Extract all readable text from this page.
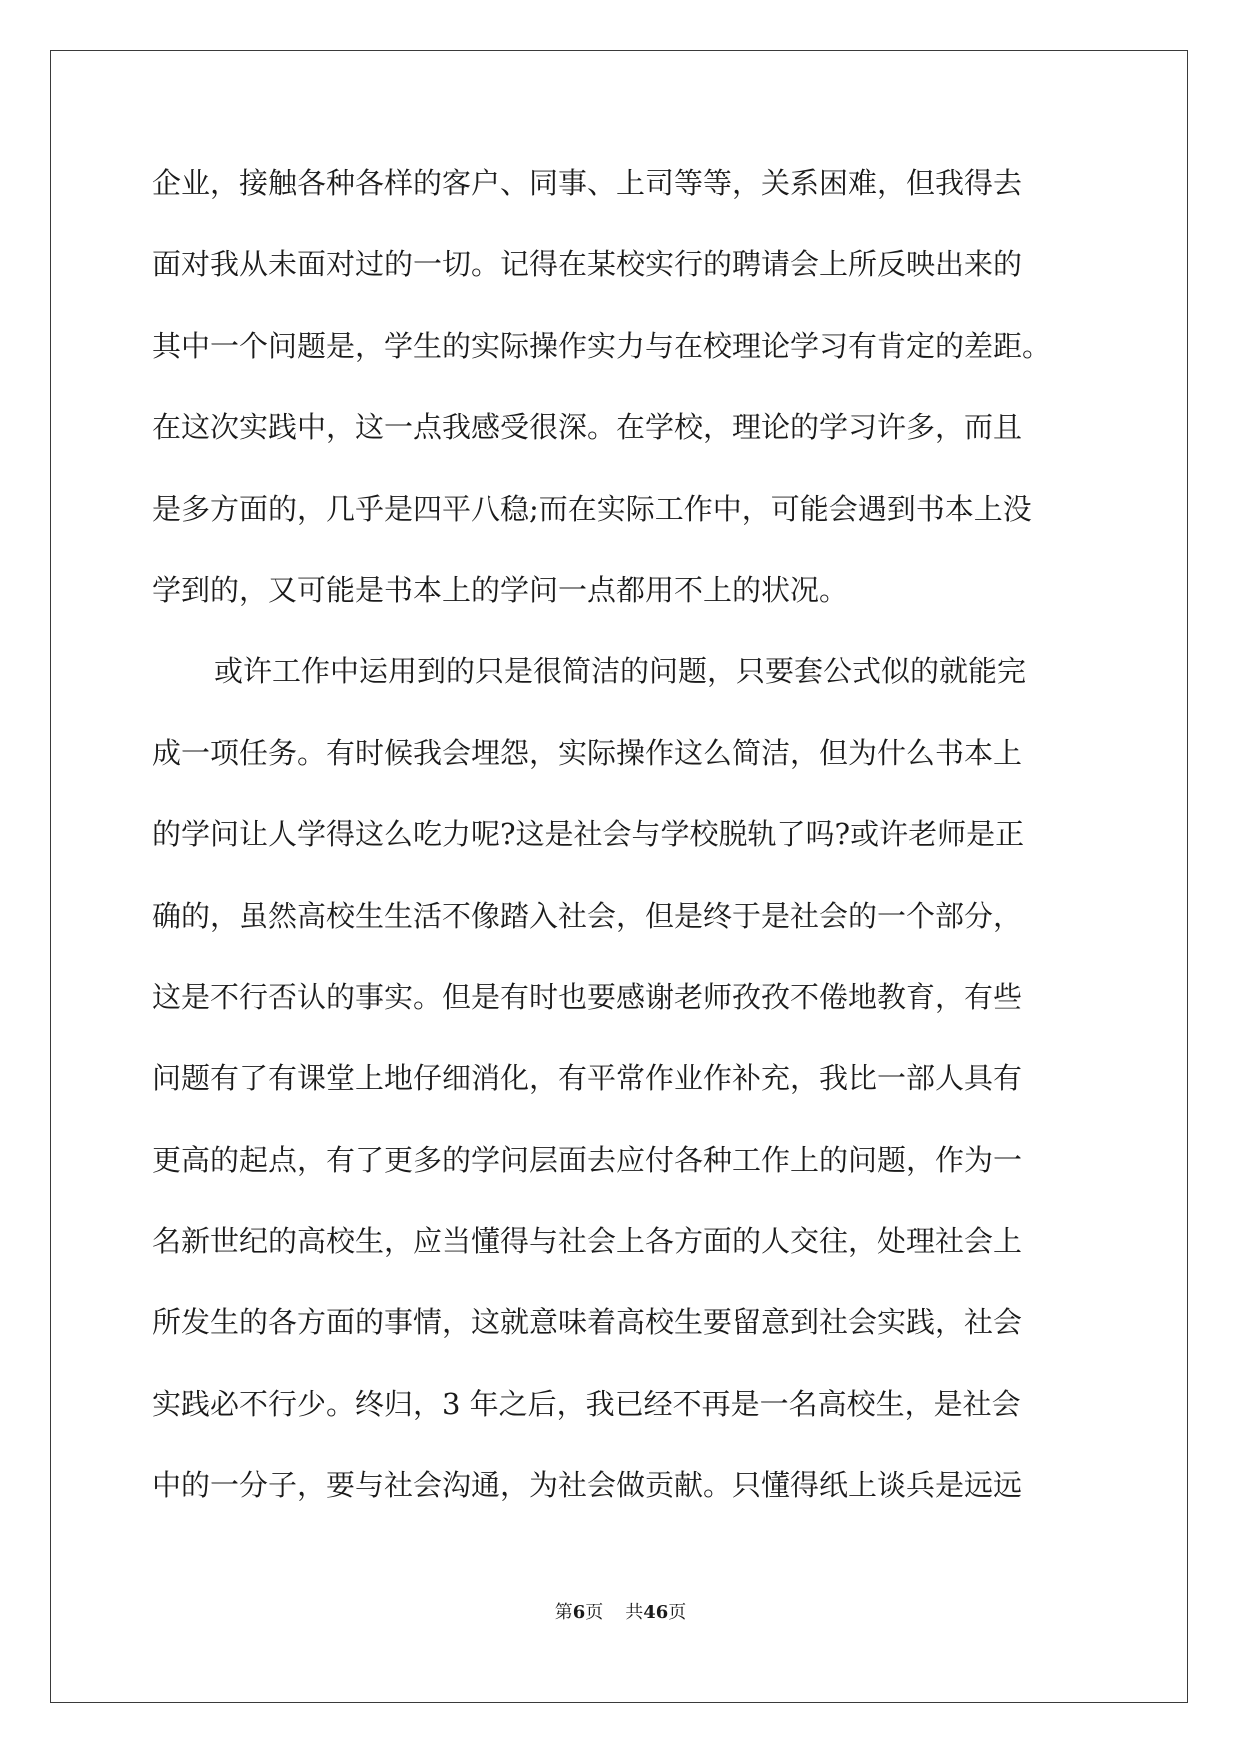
企业，接触各种各样的客户、同事、上司等等，关系困难，但我得去

面对我从未面对过的一切。记得在某校实行的聘请会上所反映出来的

其中一个问题是，学生的实际操作实力与在校理论学习有肯定的差距。

在这次实践中，这一点我感受很深。在学校，理论的学习许多，而且

是多方面的，几乎是四平八稳;而在实际工作中，可能会遇到书本上没

学到的，又可能是书本上的学问一点都用不上的状况。

或许工作中运用到的只是很简洁的问题，只要套公式似的就能完

成一项任务。有时候我会埋怨，实际操作这么简洁，但为什么书本上

的学问让人学得这么吃力呢?这是社会与学校脱轨了吗?或许老师是正

确的，虽然高校生生活不像踏入社会，但是终于是社会的一个部分，

这是不行否认的事实。但是有时也要感谢老师孜孜不倦地教育，有些

问题有了有课堂上地仔细消化，有平常作业作补充，我比一部人具有

更高的起点，有了更多的学问层面去应付各种工作上的问题，作为一

名新世纪的高校生，应当懂得与社会上各方面的人交往，处理社会上

所发生的各方面的事情，这就意味着高校生要留意到社会实践，社会

实践必不行少。终归，3 年之后，我已经不再是一名高校生，是社会

中的一分子，要与社会沟通，为社会做贡献。只懂得纸上谈兵是远远

第6页 共46页
